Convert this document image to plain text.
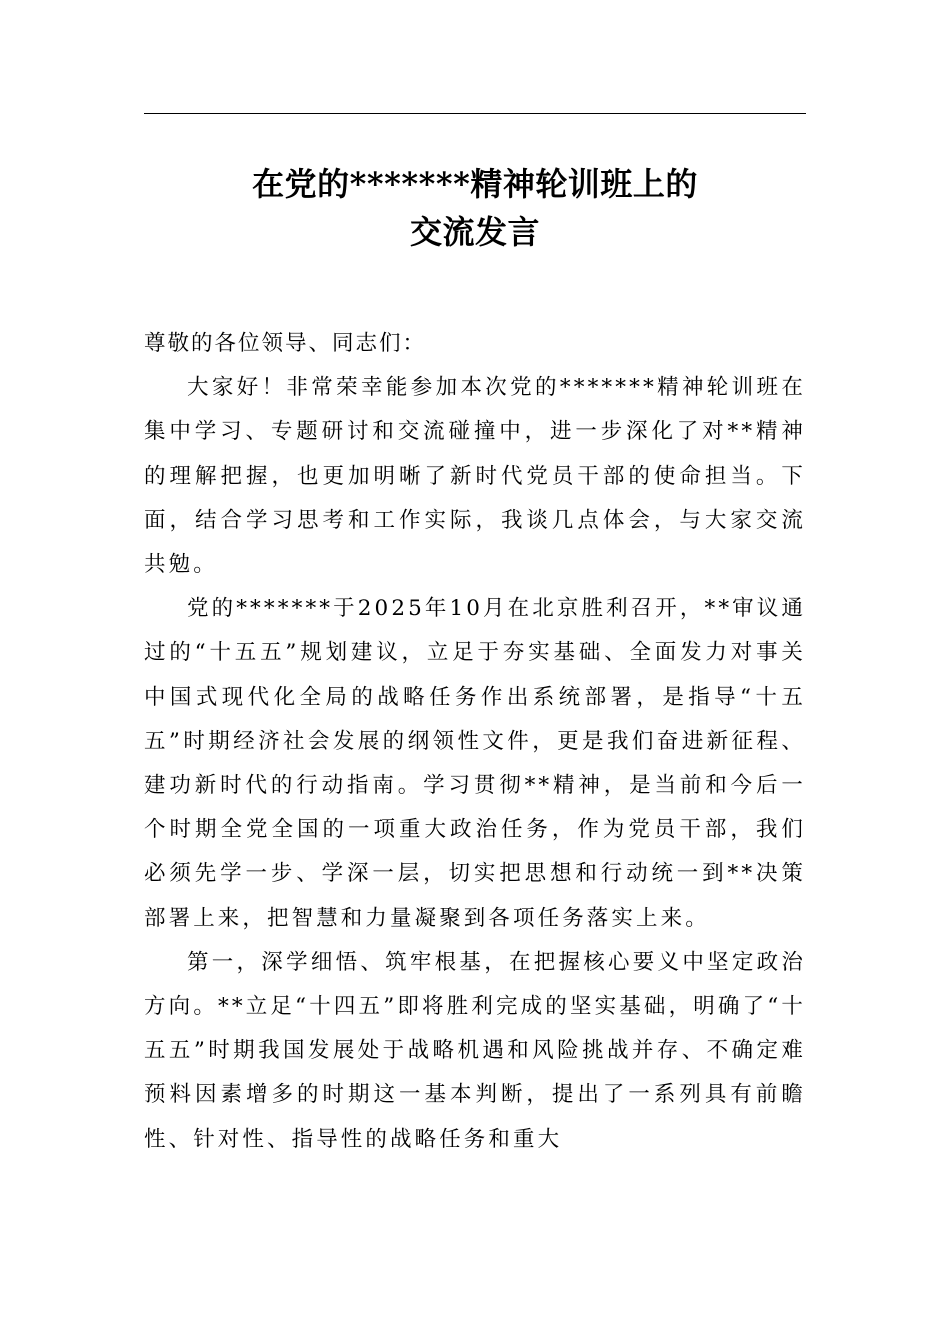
在党的*******精神轮训班上的
交流发言

尊敬的各位领导、同志们：

大家好！非常荣幸能参加本次党的*******精神轮训班在集中学习、专题研讨和交流碰撞中，进一步深化了对**精神的理解把握，也更加明晰了新时代党员干部的使命担当。下面，结合学习思考和工作实际，我谈几点体会，与大家交流共勉。

党的*******于2025年10月在北京胜利召开，**审议通过的“十五五”规划建议，立足于夯实基础、全面发力对事关中国式现代化全局的战略任务作出系统部署，是指导“十五五”时期经济社会发展的纲领性文件，更是我们奋进新征程、建功新时代的行动指南。学习贯彻**精神，是当前和今后一个时期全党全国的一项重大政治任务，作为党员干部，我们必须先学一步、学深一层，切实把思想和行动统一到**决策部署上来，把智慧和力量凝聚到各项任务落实上来。

第一，深学细悟、筑牢根基，在把握核心要义中坚定政治方向。**立足“十四五”即将胜利完成的坚实基础，明确了“十五五”时期我国发展处于战略机遇和风险挑战并存、不确定难预料因素增多的时期这一基本判断，提出了一系列具有前瞻性、针对性、指导性的战略任务和重大
